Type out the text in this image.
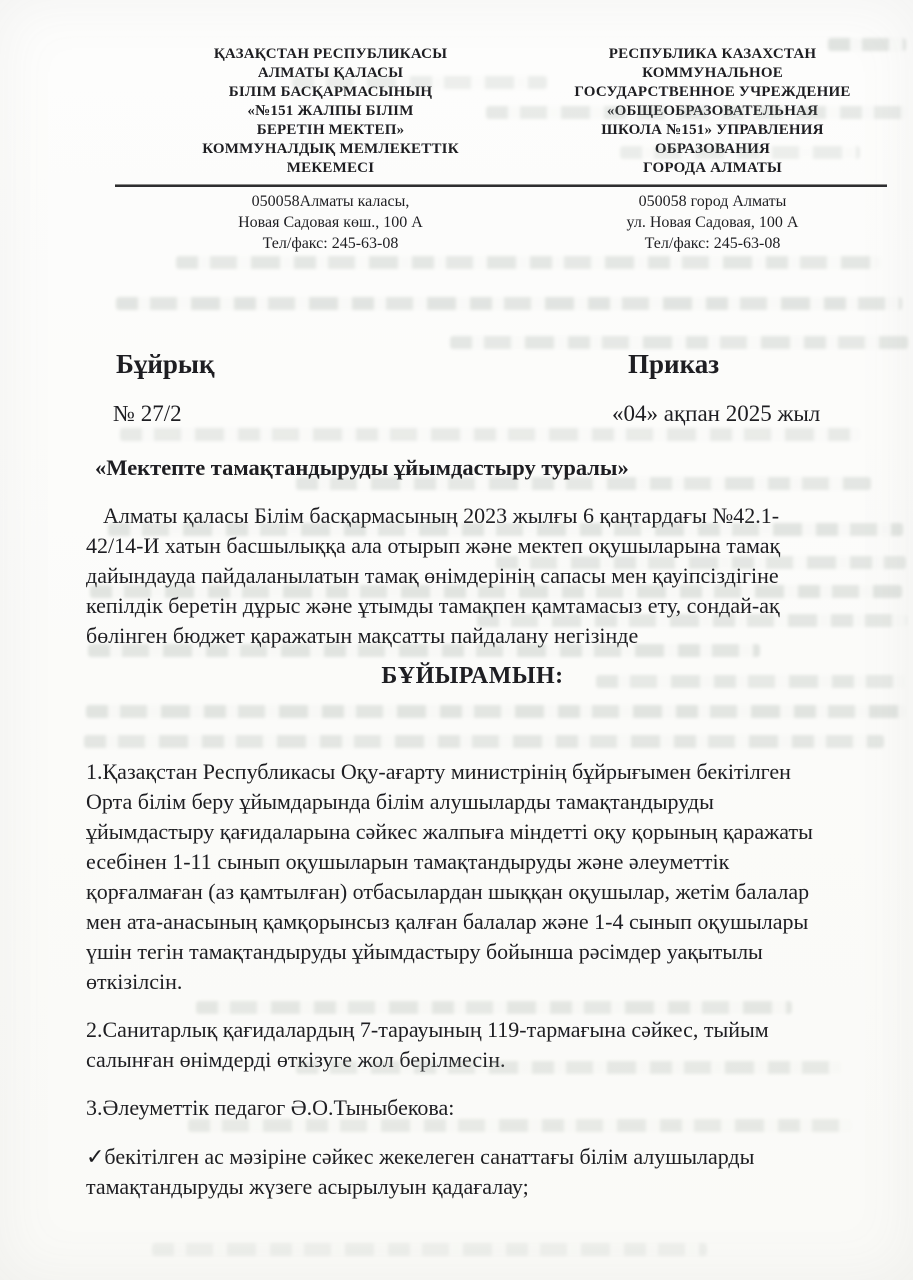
ҚАЗАҚСТАН РЕСПУБЛИКАСЫ
АЛМАТЫ ҚАЛАСЫ
БІЛІМ БАСҚАРМАСЫНЫҢ
«№151 ЖАЛПЫ БІЛІМ
БЕРЕТІН МЕКТЕП»
КОММУНАЛДЫҚ МЕМЛЕКЕТТІК
МЕКЕМЕСІ
РЕСПУБЛИКА КАЗАХСТАН
КОММУНАЛЬНОЕ
ГОСУДАРСТВЕННОЕ УЧРЕЖДЕНИЕ
«ОБЩЕОБРАЗОВАТЕЛЬНАЯ
ШКОЛА №151» УПРАВЛЕНИЯ
ОБРАЗОВАНИЯ
ГОРОДА АЛМАТЫ
050058Алматы каласы,
Новая Садовая көш., 100 А
Тел/факс: 245-63-08
050058 город Алматы
ул. Новая Садовая, 100 А
Тел/факс: 245-63-08
Бұйрық	Приказ
№ 27/2	«04» ақпан 2025 жыл
«Мектепте тамақтандыруды ұйымдастыру туралы»
Алматы қаласы Білім басқармасының 2023 жылғы 6 қаңтардағы №42.1-
42/14-И хатын басшылыққа ала отырып және мектеп оқушыларына тамақ
дайындауда пайдаланылатын тамақ өнімдерінің сапасы мен қауіпсіздігіне
кепілдік беретін дұрыс және ұтымды тамақпен қамтамасыз ету, сондай-ақ
бөлінген бюджет қаражатын мақсатты пайдалану негізінде
БҰЙЫРАМЫН:
1.Қазақстан Республикасы Оқу-ағарту министрінің бұйрығымен бекітілген
Орта білім беру ұйымдарында білім алушыларды тамақтандыруды
ұйымдастыру қағидаларына сәйкес жалпыға міндетті оқу қорының қаражаты
есебінен 1-11 сынып оқушыларын тамақтандыруды және әлеуметтік
қорғалмаған (аз қамтылған) отбасылардан шыққан оқушылар, жетім балалар
мен ата-анасының қамқорынсыз қалған балалар және 1-4 сынып оқушылары
үшін тегін тамақтандыруды ұйымдастыру бойынша рәсімдер уақытылы
өткізілсін.
2.Санитарлық қағидалардың 7-тарауының 119-тармағына сәйкес, тыйым
салынған өнімдерді өткізуге жол берілмесін.
3.Әлеуметтік педагог Ә.О.Тыныбекова:
✓бекітілген ас мәзіріне сәйкес жекелеген санаттағы білім алушыларды
тамақтандыруды жүзеге асырылуын қадағалау;
